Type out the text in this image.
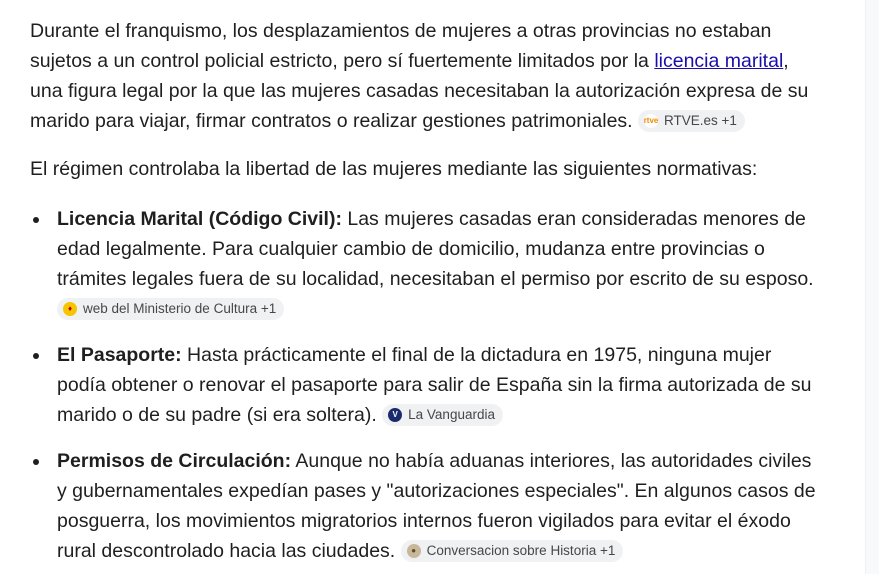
Durante el franquismo, los desplazamientos de mujeres a otras provincias no estaban sujetos a un control policial estricto, pero sí fuertemente limitados por la licencia marital, una figura legal por la que las mujeres casadas necesitaban la autorización expresa de su marido para viajar, firmar contratos o realizar gestiones patrimoniales. rtve RTVE.es +1

El régimen controlaba la libertad de las mujeres mediante las siguientes normativas:

Licencia Marital (Código Civil): Las mujeres casadas eran consideradas menores de edad legalmente. Para cualquier cambio de domicilio, mudanza entre provincias o trámites legales fuera de su localidad, necesitaban el permiso por escrito de su esposo.
♦ web del Ministerio de Cultura +1
El Pasaporte: Hasta prácticamente el final de la dictadura en 1975, ninguna mujer podía obtener o renovar el pasaporte para salir de España sin la firma autorizada de su marido o de su padre (si era soltera).	V La Vanguardia
Permisos de Circulación: Aunque no había aduanas interiores, las autoridades civiles y gubernamentales expedían pases y "autorizaciones especiales". En algunos casos de posguerra, los movimientos migratorios internos fueron vigilados para evitar el éxodo rural descontrolado hacia las ciudades.	● Conversacion sobre Historia +1
